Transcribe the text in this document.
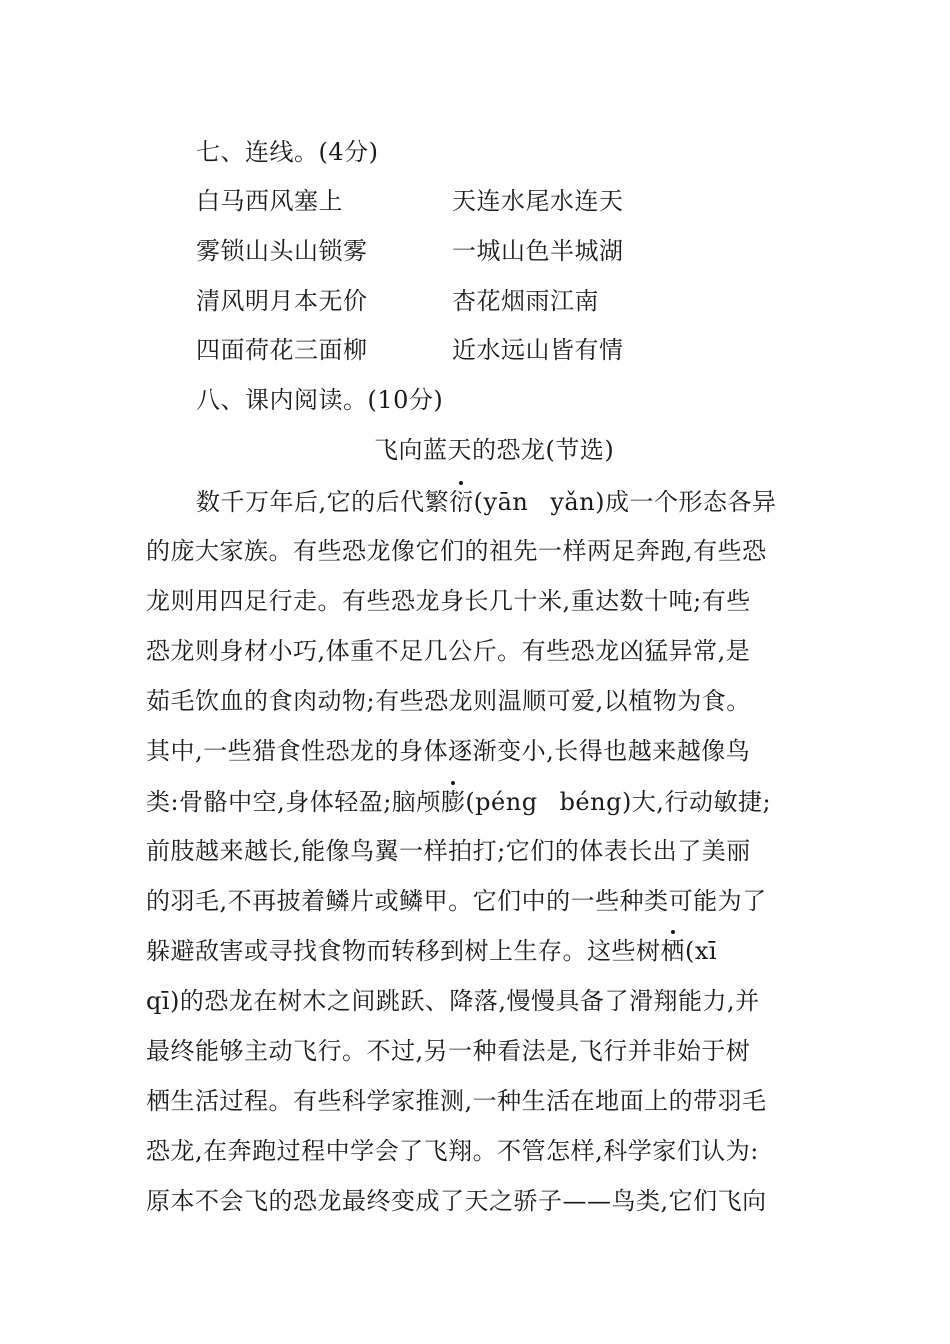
七、连线。(4分)
白马西风塞上	天连水尾水连天
雾锁山头山锁雾	一城山色半城湖
清风明月本无价	杏花烟雨江南
四面荷花三面柳	近水远山皆有情
八、课内阅读。(10分)
飞向蓝天的恐龙(节选)
数千万年后,它的后代繁衍(yān yǎn)成一个形态各异
的庞大家族。有些恐龙像它们的祖先一样两足奔跑,有些恐
龙则用四足行走。有些恐龙身长几十米,重达数十吨;有些
恐龙则身材小巧,体重不足几公斤。有些恐龙凶猛异常,是
茹毛饮血的食肉动物;有些恐龙则温顺可爱,以植物为食。
其中,一些猎食性恐龙的身体逐渐变小,长得也越来越像鸟
类:骨骼中空,身体轻盈;脑颅膨(péng béng)大,行动敏捷;
前肢越来越长,能像鸟翼一样拍打;它们的体表长出了美丽
的羽毛,不再披着鳞片或鳞甲。它们中的一些种类可能为了
躲避敌害或寻找食物而转移到树上生存。这些树栖(xī
qī)的恐龙在树木之间跳跃、降落,慢慢具备了滑翔能力,并
最终能够主动飞行。不过,另一种看法是,飞行并非始于树
栖生活过程。有些科学家推测,一种生活在地面上的带羽毛
恐龙,在奔跑过程中学会了飞翔。不管怎样,科学家们认为:
原本不会飞的恐龙最终变成了天之骄子——鸟类,它们飞向
